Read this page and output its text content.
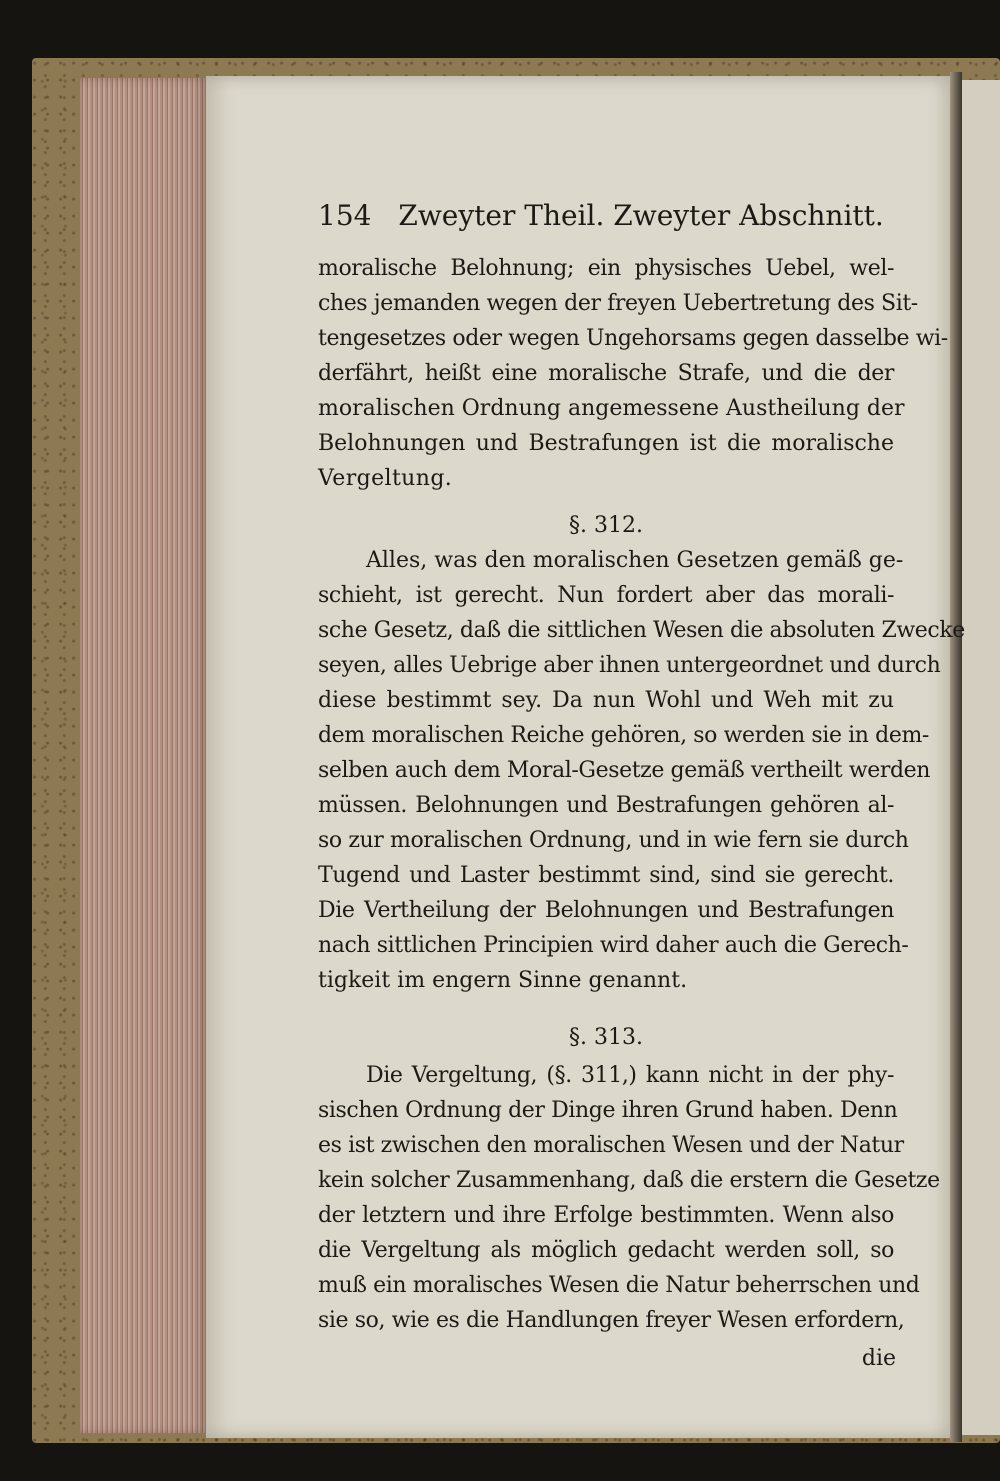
154 Zweyter Theil. Zweyter Abschnitt.
moralische Belohnung; ein physisches Uebel, wel-
ches jemanden wegen der freyen Uebertretung des Sit-
tengesetzes oder wegen Ungehorsams gegen dasselbe wi-
derfährt, heißt eine moralische Strafe, und die der
moralischen Ordnung angemessene Austheilung der
Belohnungen und Bestrafungen ist die moralische
Vergeltung.
§. 312.
Alles, was den moralischen Gesetzen gemäß ge-
schieht, ist gerecht. Nun fordert aber das morali-
sche Gesetz, daß die sittlichen Wesen die absoluten Zwecke
seyen, alles Uebrige aber ihnen untergeordnet und durch
diese bestimmt sey. Da nun Wohl und Weh mit zu
dem moralischen Reiche gehören, so werden sie in dem-
selben auch dem Moral-Gesetze gemäß vertheilt werden
müssen. Belohnungen und Bestrafungen gehören al-
so zur moralischen Ordnung, und in wie fern sie durch
Tugend und Laster bestimmt sind, sind sie gerecht.
Die Vertheilung der Belohnungen und Bestrafungen
nach sittlichen Principien wird daher auch die Gerech-
tigkeit im engern Sinne genannt.
§. 313.
Die Vergeltung, (§. 311,) kann nicht in der phy-
sischen Ordnung der Dinge ihren Grund haben. Denn
es ist zwischen den moralischen Wesen und der Natur
kein solcher Zusammenhang, daß die erstern die Gesetze
der letztern und ihre Erfolge bestimmten. Wenn also
die Vergeltung als möglich gedacht werden soll, so
muß ein moralisches Wesen die Natur beherrschen und
sie so, wie es die Handlungen freyer Wesen erfordern,
die
